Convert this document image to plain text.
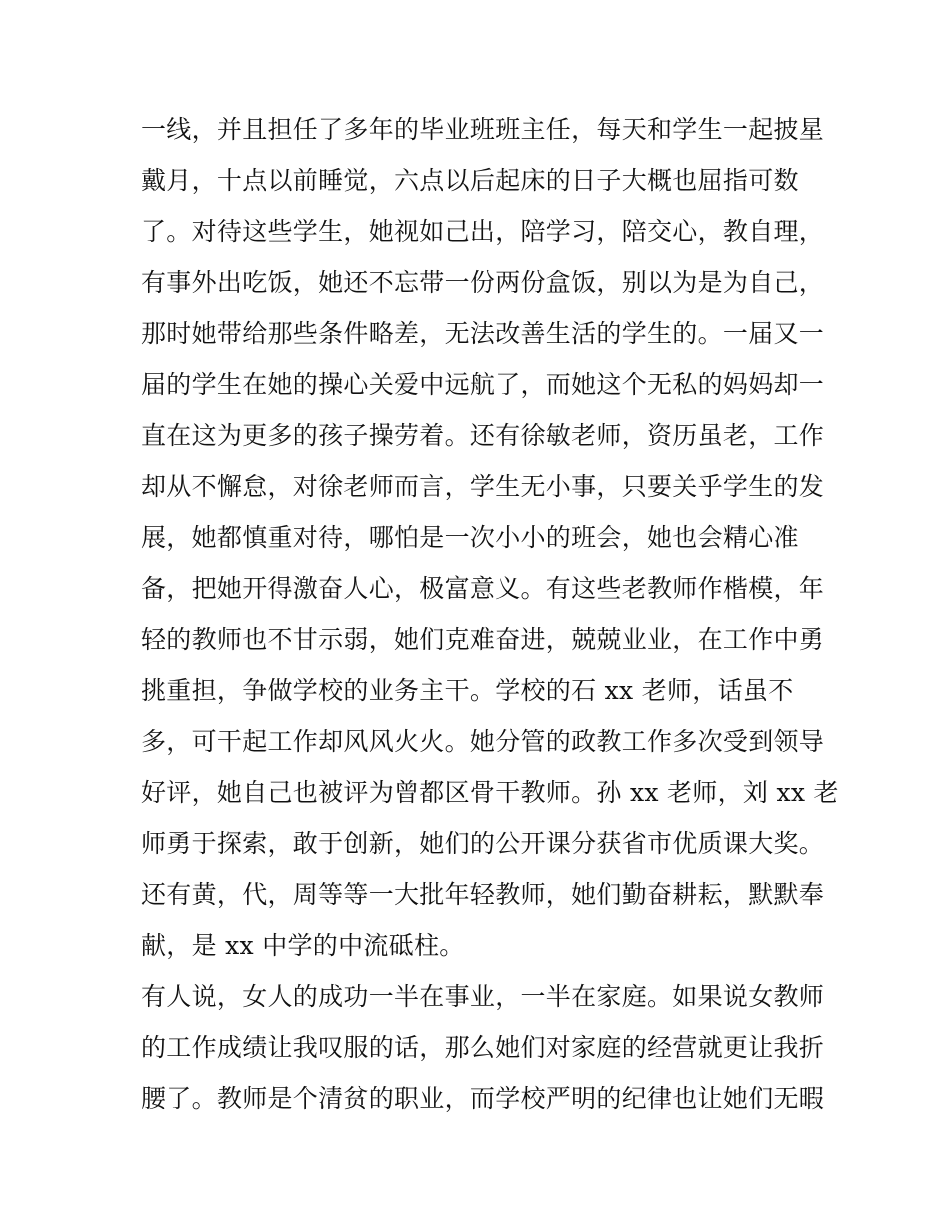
一线，并且担任了多年的毕业班班主任，每天和学生一起披星
戴月，十点以前睡觉，六点以后起床的日子大概也屈指可数
了。对待这些学生，她视如己出，陪学习，陪交心，教自理，
有事外出吃饭，她还不忘带一份两份盒饭，别以为是为自己，
那时她带给那些条件略差，无法改善生活的学生的。一届又一
届的学生在她的操心关爱中远航了，而她这个无私的妈妈却一
直在这为更多的孩子操劳着。还有徐敏老师，资历虽老，工作
却从不懈怠，对徐老师而言，学生无小事，只要关乎学生的发
展，她都慎重对待，哪怕是一次小小的班会，她也会精心准
备，把她开得激奋人心，极富意义。有这些老教师作楷模，年
轻的教师也不甘示弱，她们克难奋进，兢兢业业，在工作中勇
挑重担，争做学校的业务主干。学校的石 xx 老师，话虽不
多，可干起工作却风风火火。她分管的政教工作多次受到领导
好评，她自己也被评为曾都区骨干教师。孙 xx 老师，刘 xx 老
师勇于探索，敢于创新，她们的公开课分获省市优质课大奖。
还有黄，代，周等等一大批年轻教师，她们勤奋耕耘，默默奉
献，是 xx 中学的中流砥柱。
有人说，女人的成功一半在事业，一半在家庭。如果说女教师
的工作成绩让我叹服的话，那么她们对家庭的经营就更让我折
腰了。教师是个清贫的职业，而学校严明的纪律也让她们无暇
